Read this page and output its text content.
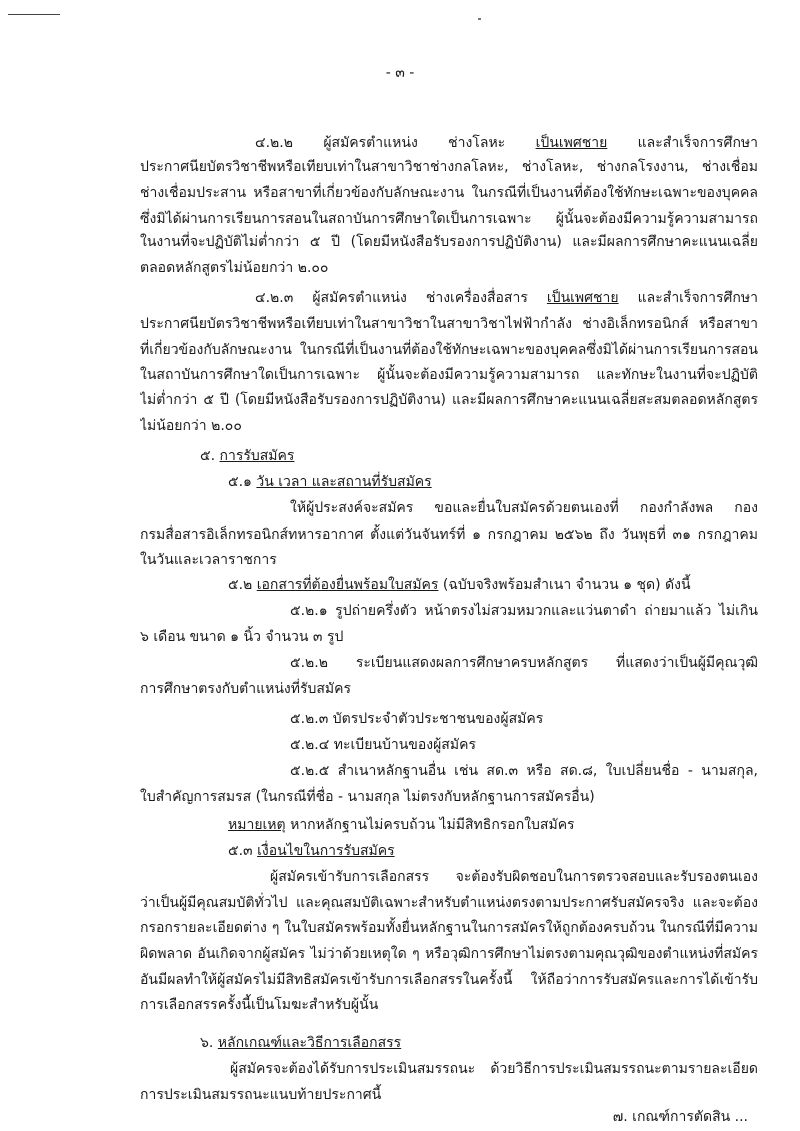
- ๓ -
๔.๒.๒ ผู้สมัครตำแหน่ง ช่างโลหะ เป็นเพศชาย และสำเร็จการศึกษา
ประกาศนียบัตรวิชาชีพหรือเทียบเท่าในสาขาวิชาช่างกลโลหะ, ช่างโลหะ, ช่างกลโรงงาน, ช่างเชื่อม
ช่างเชื่อมประสาน หรือสาขาที่เกี่ยวข้องกับลักษณะงาน ในกรณีที่เป็นงานที่ต้องใช้ทักษะเฉพาะของบุคคล
ซึ่งมิได้ผ่านการเรียนการสอนในสถาบันการศึกษาใดเป็นการเฉพาะ ผู้นั้นจะต้องมีความรู้ความสามารถ
ในงานที่จะปฏิบัติไม่ต่ำกว่า ๕ ปี (โดยมีหนังสือรับรองการปฏิบัติงาน) และมีผลการศึกษาคะแนนเฉลี่ย
ตลอดหลักสูตรไม่น้อยกว่า ๒.๐๐
๔.๒.๓ ผู้สมัครตำแหน่ง ช่างเครื่องสื่อสาร เป็นเพศชาย และสำเร็จการศึกษา
ประกาศนียบัตรวิชาชีพหรือเทียบเท่าในสาขาวิชาในสาขาวิชาไฟฟ้ากำลัง ช่างอิเล็กทรอนิกส์ หรือสาขา
ที่เกี่ยวข้องกับลักษณะงาน ในกรณีที่เป็นงานที่ต้องใช้ทักษะเฉพาะของบุคคลซึ่งมิได้ผ่านการเรียนการสอน
ในสถาบันการศึกษาใดเป็นการเฉพาะ ผู้นั้นจะต้องมีความรู้ความสามารถ และทักษะในงานที่จะปฏิบัติ
ไม่ต่ำกว่า ๕ ปี (โดยมีหนังสือรับรองการปฏิบัติงาน) และมีผลการศึกษาคะแนนเฉลี่ยสะสมตลอดหลักสูตร
ไม่น้อยกว่า ๒.๐๐
๕. การรับสมัคร
๕.๑ วัน เวลา และสถานที่รับสมัคร
ให้ผู้ประสงค์จะสมัคร ขอและยื่นใบสมัครด้วยตนเองที่ กองกำลังพล กอง
กรมสื่อสารอิเล็กทรอนิกส์ทหารอากาศ ตั้งแต่วันจันทร์ที่ ๑ กรกฎาคม ๒๕๖๒ ถึง วันพุธที่ ๓๑ กรกฎาคม
ในวันและเวลาราชการ
๕.๒ เอกสารที่ต้องยื่นพร้อมใบสมัคร (ฉบับจริงพร้อมสำเนา จำนวน ๑ ชุด) ดังนี้
๕.๒.๑ รูปถ่ายครึ่งตัว หน้าตรงไม่สวมหมวกและแว่นตาดำ ถ่ายมาแล้ว ไม่เกิน
๖ เดือน ขนาด ๑ นิ้ว จำนวน ๓ รูป
๕.๒.๒ ระเบียนแสดงผลการศึกษาครบหลักสูตร ที่แสดงว่าเป็นผู้มีคุณวุฒิ
การศึกษาตรงกับตำแหน่งที่รับสมัคร
๕.๒.๓ บัตรประจำตัวประชาชนของผู้สมัคร
๕.๒.๔ ทะเบียนบ้านของผู้สมัคร
๕.๒.๕ สำเนาหลักฐานอื่น เช่น สด.๓ หรือ สด.๘, ใบเปลี่ยนชื่อ - นามสกุล,
ใบสำคัญการสมรส (ในกรณีที่ชื่อ - นามสกุล ไม่ตรงกับหลักฐานการสมัครอื่น)
หมายเหตุ หากหลักฐานไม่ครบถ้วน ไม่มีสิทธิกรอกใบสมัคร
๕.๓ เงื่อนไขในการรับสมัคร
ผู้สมัครเข้ารับการเลือกสรร จะต้องรับผิดชอบในการตรวจสอบและรับรองตนเอง
ว่าเป็นผู้มีคุณสมบัติทั่วไป และคุณสมบัติเฉพาะสำหรับตำแหน่งตรงตามประกาศรับสมัครจริง และจะต้อง
กรอกรายละเอียดต่าง ๆ ในใบสมัครพร้อมทั้งยื่นหลักฐานในการสมัครให้ถูกต้องครบถ้วน ในกรณีที่มีความ
ผิดพลาด อันเกิดจากผู้สมัคร ไม่ว่าด้วยเหตุใด ๆ หรือวุฒิการศึกษาไม่ตรงตามคุณวุฒิของตำแหน่งที่สมัคร
อันมีผลทำให้ผู้สมัครไม่มีสิทธิสมัครเข้ารับการเลือกสรรในครั้งนี้ ให้ถือว่าการรับสมัครและการได้เข้ารับ
การเลือกสรรครั้งนี้เป็นโมฆะสำหรับผู้นั้น
๖. หลักเกณฑ์และวิธีการเลือกสรร
ผู้สมัครจะต้องได้รับการประเมินสมรรถนะ ด้วยวิธีการประเมินสมรรถนะตามรายละเอียด
การประเมินสมรรถนะแนบท้ายประกาศนี้
๗. เกณฑ์การตัดสิน ...
